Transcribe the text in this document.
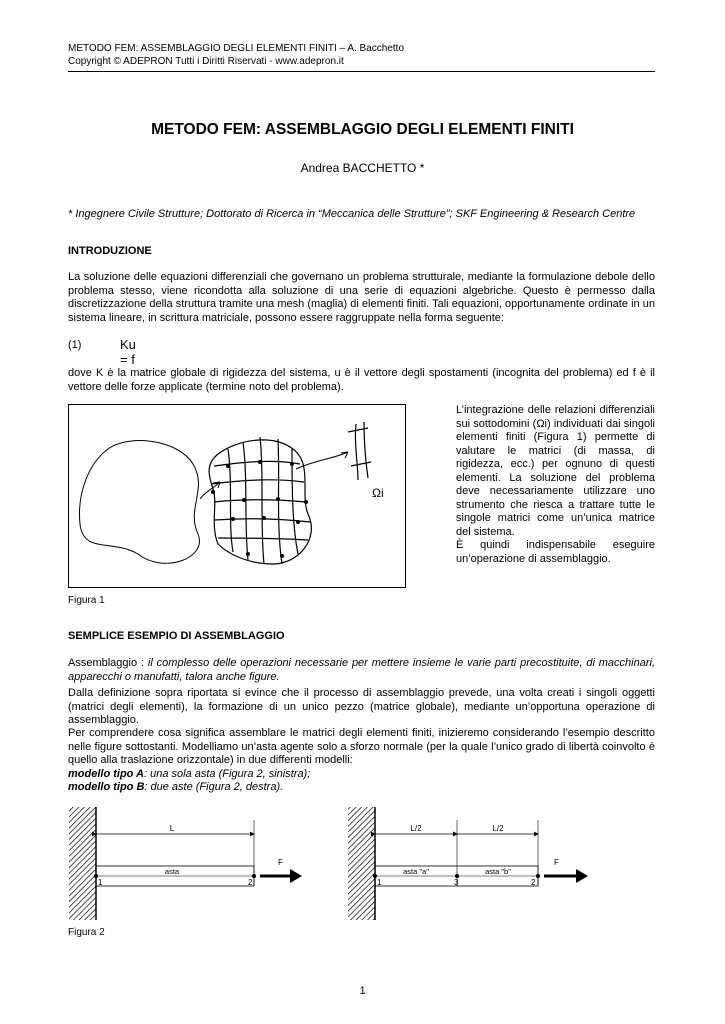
METODO FEM: ASSEMBLAGGIO DEGLI ELEMENTI FINITI – A. Bacchetto
Copyright © ADEPRON Tutti i Diritti Riservati - www.adepron.it
METODO FEM: ASSEMBLAGGIO DEGLI ELEMENTI FINITI
Andrea BACCHETTO *
* Ingegnere Civile Strutture; Dottorato di Ricerca in “Meccanica delle Strutture”; SKF Engineering & Research Centre
INTRODUZIONE
La soluzione delle equazioni differenziali che governano un problema strutturale, mediante la formulazione debole dello problema stesso, viene ricondotta alla soluzione di una serie di equazioni algebriche. Questo è permesso dalla discretizzazione della struttura tramite una mesh (maglia) di elementi finiti. Tali equazioni, opportunamente ordinate in un sistema lineare, in scrittura matriciale, possono essere raggruppate nella forma seguente:
(1)	Ku = f
dove K è la matrice globale di rigidezza del sistema, u è il vettore degli spostamenti (incognita del problema) ed f è il vettore delle forze applicate (termine noto del problema).
Ωi
L’integrazione delle relazioni differenziali sui sottodomini (Ωi) individuati dai singoli elementi finiti (Figura 1) permette di valutare le matrici (di massa, di rigidezza, ecc.) per ognuno di questi elementi. La soluzione del problema deve necessariamente utilizzare uno strumento che riesca a trattare tutte le singole matrici come un’unica matrice del sistema.
È quindi indispensabile eseguire un’operazione di assemblaggio.
Figura 1
SEMPLICE ESEMPIO DI ASSEMBLAGGIO
Assemblaggio : il complesso delle operazioni necessarie per mettere insieme le varie parti precostituite, di macchinari, apparecchi o manufatti, talora anche figure.
Dalla definizione sopra riportata si evince che il processo di assemblaggio prevede, una volta creati i singoli oggetti (matrici degli elementi), la formazione di un unico pezzo (matrice globale), mediante un’opportuna operazione di assemblaggio.
Per comprendere cosa significa assemblare le matrici degli elementi finiti, inizieremo considerando l’esempio descritto nelle figure sottostanti. Modelliamo un’asta agente solo a sforzo normale (per la quale l’unico grado di libertà coinvolto è quello alla traslazione orizzontale) in due differenti modelli:
modello tipo A: una sola asta (Figura 2, sinistra);
modello tipo B: due aste (Figura 2, destra).
L
asta
1	2
F
L/2	L/2
asta "a"	asta "b"
1	3	2
F
Figura 2
1
